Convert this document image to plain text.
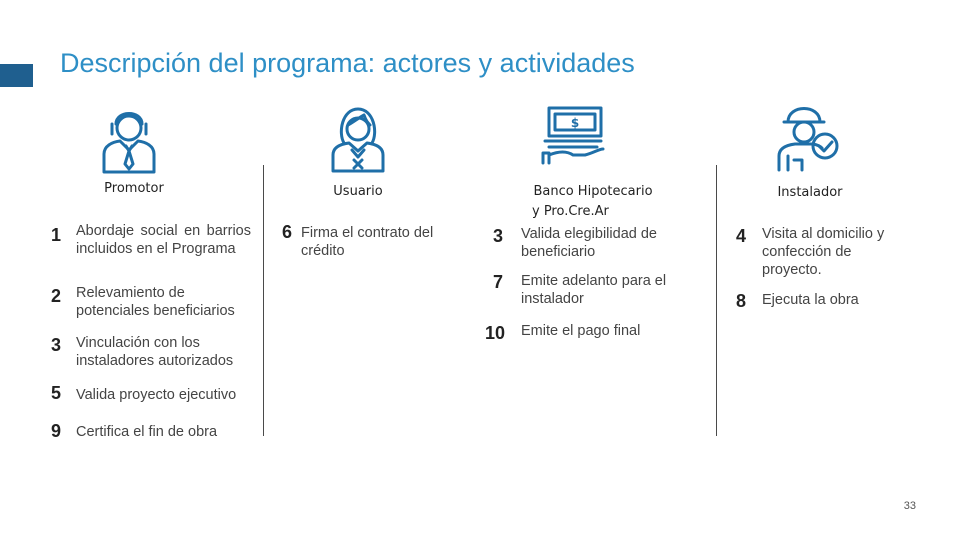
Descripción del programa: actores y actividades
$
Promotor	Usuario	Banco Hipotecario
y Pro.Cre.Ar
Instalador
1 Abordaje social en barrios incluidos en el Programa
2 Relevamiento de potenciales beneficiarios
3 Vinculación con los instaladores autorizados
5 Valida proyecto ejecutivo
9 Certifica el fin de obra
6 Firma el contrato del crédito
3 Valida elegibilidad de beneficiario
7 Emite adelanto para el instalador
10 Emite el pago final
4 Visita al domicilio y confección de proyecto.
8 Ejecuta la obra
33
